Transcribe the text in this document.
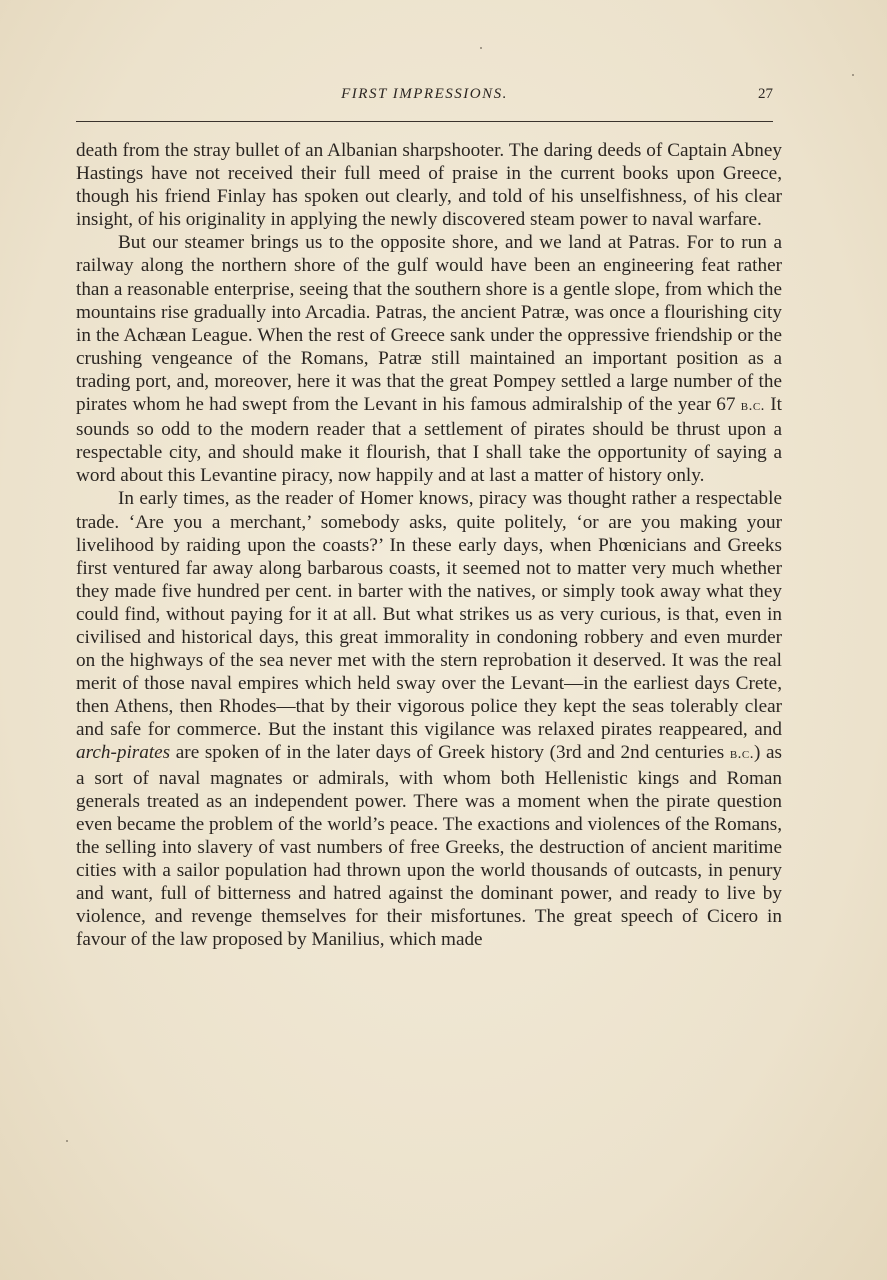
FIRST IMPRESSIONS.	27

death from the stray bullet of an Albanian sharpshooter. The daring deeds of Captain Abney Hastings have not received their full meed of praise in the current books upon Greece, though his friend Finlay has spoken out clearly, and told of his unselfishness, of his clear insight, of his originality in applying the newly discovered steam power to naval warfare.

But our steamer brings us to the opposite shore, and we land at Patras. For to run a railway along the northern shore of the gulf would have been an engineering feat rather than a reasonable enterprise, seeing that the southern shore is a gentle slope, from which the mountains rise gradually into Arcadia. Patras, the ancient Patræ, was once a flourishing city in the Achæan League. When the rest of Greece sank under the oppressive friendship or the crushing vengeance of the Romans, Patræ still maintained an important position as a trading port, and, moreover, here it was that the great Pompey settled a large number of the pirates whom he had swept from the Levant in his famous admiralship of the year 67 b.c. It sounds so odd to the modern reader that a settlement of pirates should be thrust upon a respectable city, and should make it flourish, that I shall take the opportunity of saying a word about this Levantine piracy, now happily and at last a matter of history only.

In early times, as the reader of Homer knows, piracy was thought rather a respectable trade. ‘Are you a merchant,’ somebody asks, quite politely, ‘or are you making your livelihood by raiding upon the coasts?’ In these early days, when Phœnicians and Greeks first ventured far away along barbarous coasts, it seemed not to matter very much whether they made five hundred per cent. in barter with the natives, or simply took away what they could find, without paying for it at all. But what strikes us as very curious, is that, even in civilised and historical days, this great immorality in condoning robbery and even murder on the highways of the sea never met with the stern reprobation it deserved. It was the real merit of those naval empires which held sway over the Levant—in the earliest days Crete, then Athens, then Rhodes—that by their vigorous police they kept the seas tolerably clear and safe for commerce. But the instant this vigilance was relaxed pirates reappeared, and arch-pirates are spoken of in the later days of Greek history (3rd and 2nd centuries b.c.) as a sort of naval magnates or admirals, with whom both Hellenistic kings and Roman generals treated as an independent power. There was a moment when the pirate question even became the problem of the world’s peace. The exactions and violences of the Romans, the selling into slavery of vast numbers of free Greeks, the destruction of ancient maritime cities with a sailor population had thrown upon the world thousands of outcasts, in penury and want, full of bitterness and hatred against the dominant power, and ready to live by violence, and revenge themselves for their misfortunes. The great speech of Cicero in favour of the law proposed by Manilius, which made
